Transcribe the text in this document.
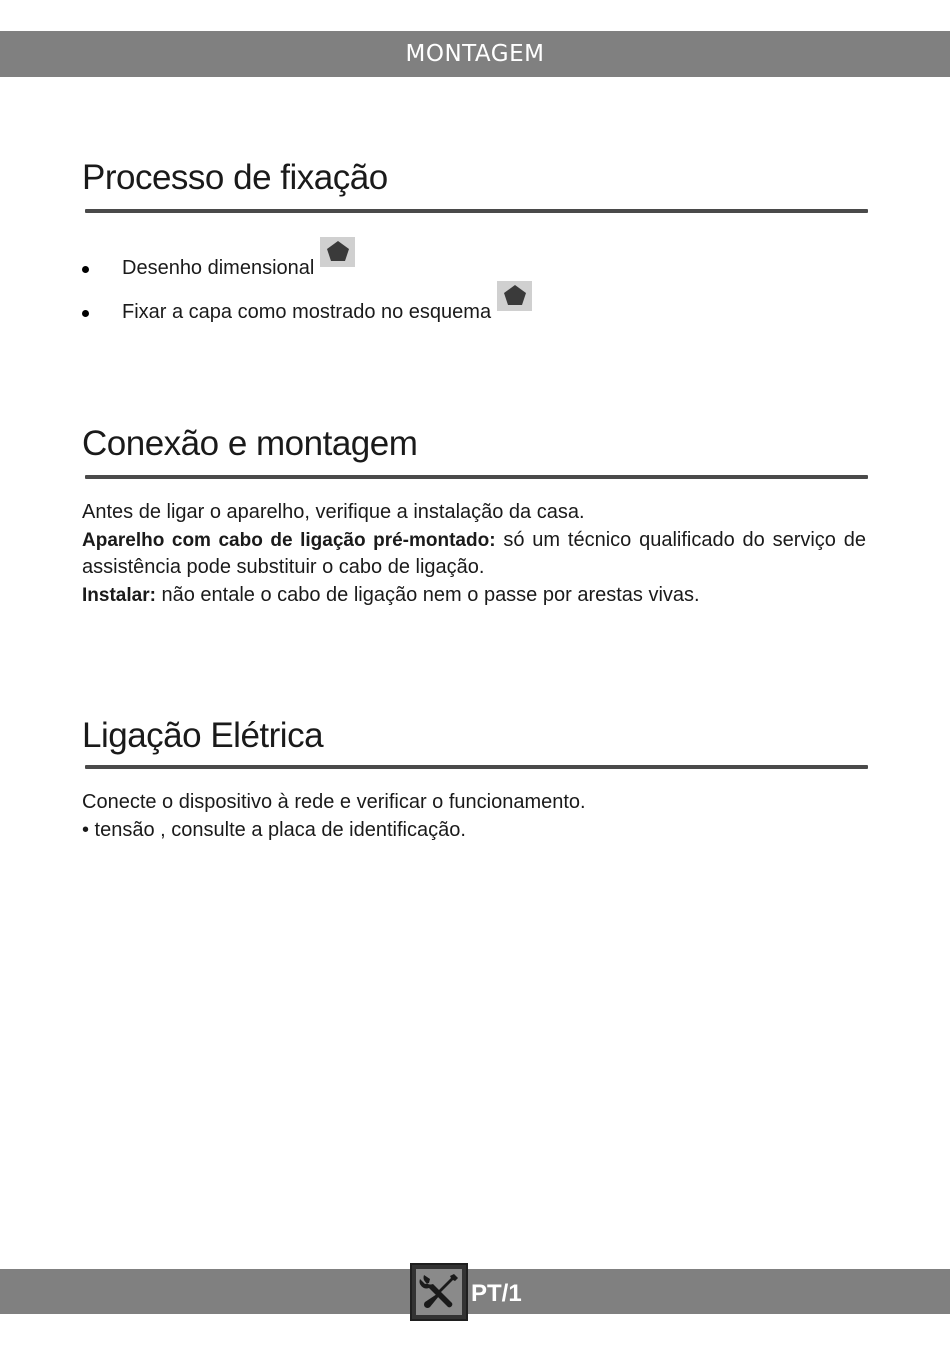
MONTAGEM
Processo de fixação
Desenho dimensional
Fixar a capa como mostrado no esquema
Conexão e montagem

Antes de ligar o aparelho, verifique a instalação da casa.

Aparelho com cabo de ligação pré-montado: só um técnico qualificado do serviço de assistência pode substituir o cabo de ligação.

Instalar: não entale o cabo de ligação nem o passe por arestas vivas.

Ligação Elétrica

Conecte o dispositivo à rede e verificar o funcionamento.

• tensão , consulte a placa de identificação.

PT/1
